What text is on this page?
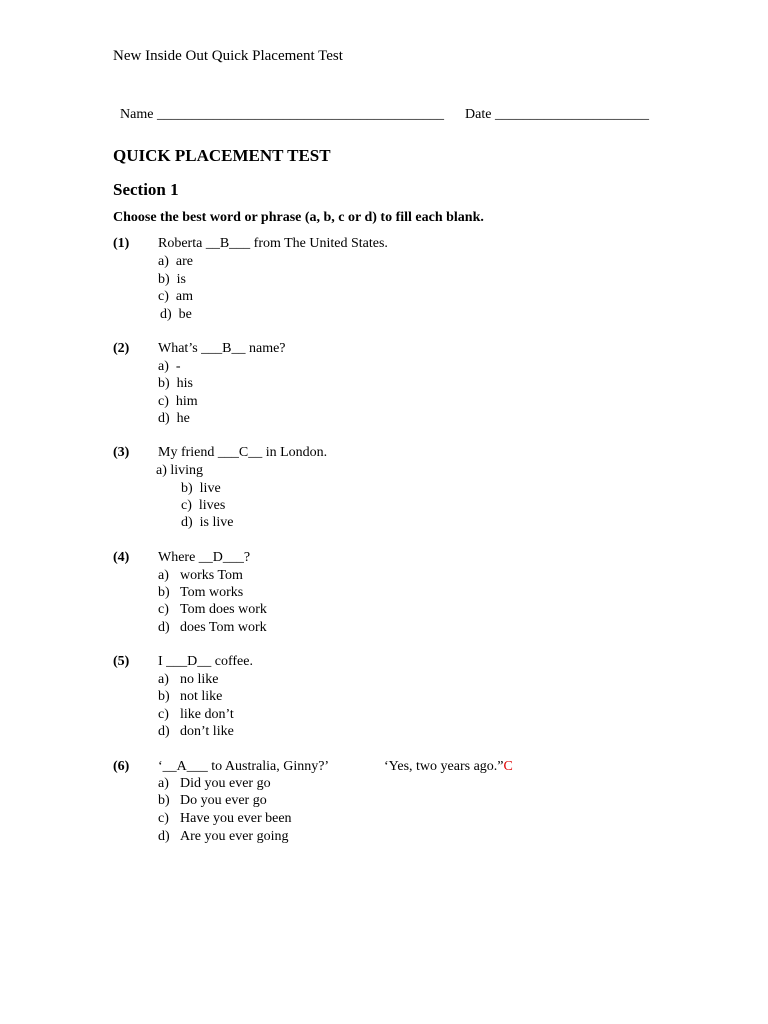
New Inside Out Quick Placement Test

Name _________________________________________	Date ______________________

QUICK PLACEMENT TEST
Section 1
Choose the best word or phrase (a, b, c or d) to fill each blank.
(1) Roberta __B___ from The United States.
a)  are
b)  is
c)  am
d)  be
(2) What’s ___B__ name?
a)  -
b)  his
c)  him
d)  he
(3) My friend ___C__ in London.
a) living
b)  live
c)  lives
d)  is live
(4) Where __D___?
a) works Tom
b) Tom works
c) Tom does work
d) does Tom work
(5) I ___D__ coffee.
a) no like
b) not like
c) like don’t
d) don’t like
(6) ‘__A___ to Australia, Ginny?’	‘Yes, two years ago.”C
a) Did you ever go
b) Do you ever go
c) Have you ever been
d) Are you ever going
